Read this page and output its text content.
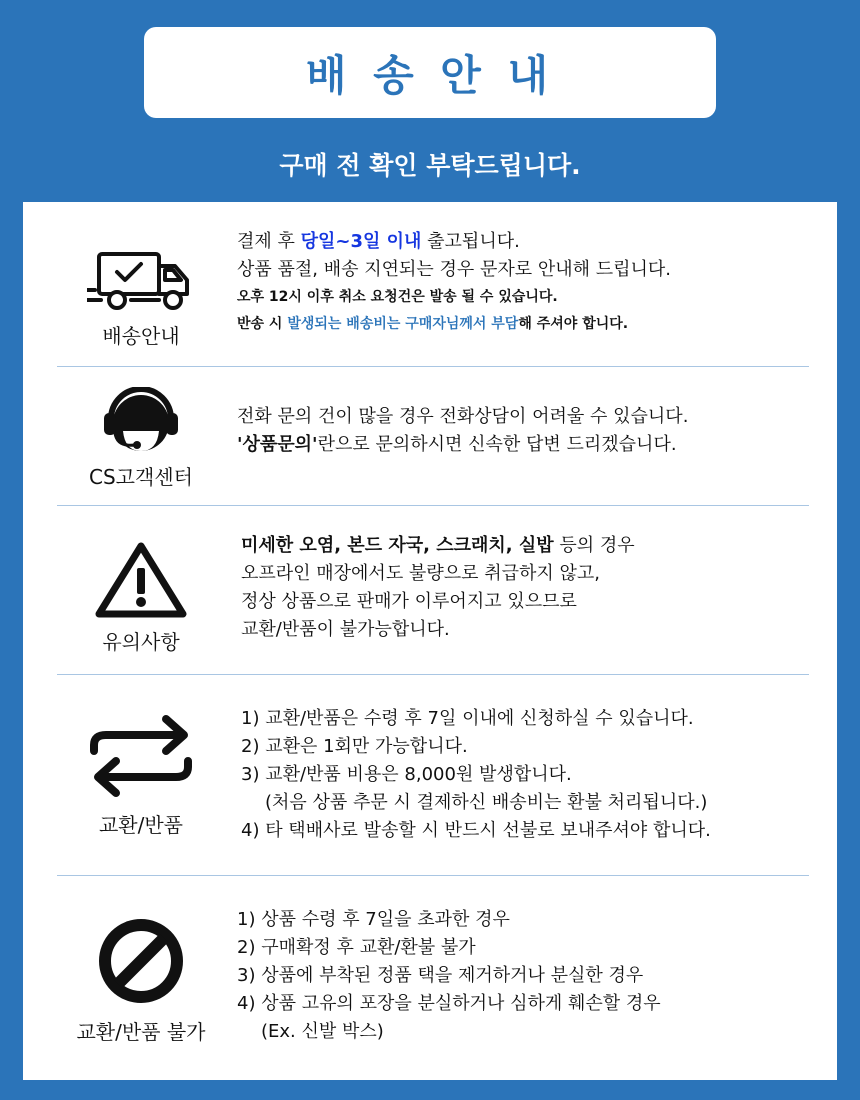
배 송 안 내
구매 전 확인 부탁드립니다.
배송안내
결제 후 당일~3일 이내 출고됩니다.
상품 품절, 배송 지연되는 경우 문자로 안내해 드립니다.
오후 12시 이후 취소 요청건은 발송 될 수 있습니다.
반송 시 발생되는 배송비는 구매자님께서 부담해 주셔야 합니다.
CS고객센터
전화 문의 건이 많을 경우 전화상담이 어려울 수 있습니다.
'상품문의'란으로 문의하시면 신속한 답변 드리겠습니다.
유의사항
미세한 오염, 본드 자국, 스크래치, 실밥 등의 경우
오프라인 매장에서도 불량으로 취급하지 않고,
정상 상품으로 판매가 이루어지고 있으므로
교환/반품이 불가능합니다.
교환/반품
1) 교환/반품은 수령 후 7일 이내에 신청하실 수 있습니다.
2) 교환은 1회만 가능합니다.
3) 교환/반품 비용은 8,000원 발생합니다.
(처음 상품 추문 시 결제하신 배송비는 환불 처리됩니다.)
4) 타 택배사로 발송할 시 반드시 선불로 보내주셔야 합니다.
교환/반품 불가
1) 상품 수령 후 7일을 초과한 경우
2) 구매확정 후 교환/환불 불가
3) 상품에 부착된 정품 택을 제거하거나 분실한 경우
4) 상품 고유의 포장을 분실하거나 심하게 훼손할 경우
(Ex. 신발 박스)
